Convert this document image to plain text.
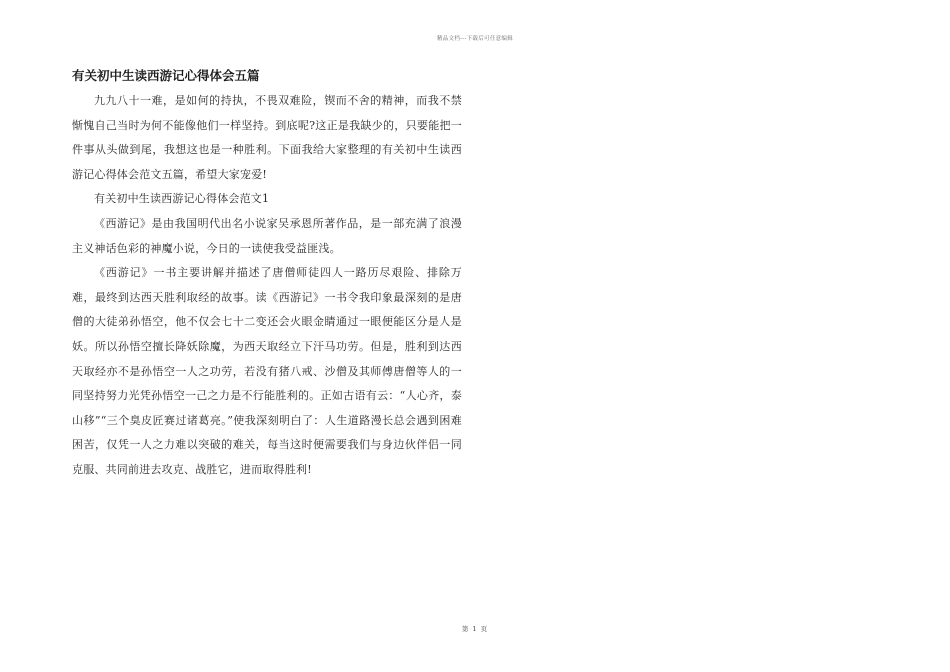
精品文档---下载后可任意编辑
有关初中生读西游记心得体会五篇

九九八十一难，是如何的持执，不畏双难险，锲而不舍的精神，而我不禁惭愧自己当时为何不能像他们一样坚持。到底呢?这正是我缺少的，只要能把一件事从头做到尾，我想这也是一种胜利。下面我给大家整理的有关初中生读西游记心得体会范文五篇，希望大家宠爱!

有关初中生读西游记心得体会范文1

《西游记》是由我国明代出名小说家吴承恩所著作品，是一部充满了浪漫主义神话色彩的神魔小说，今日的一读使我受益匪浅。

《西游记》一书主要讲解并描述了唐僧师徒四人一路历尽艰险、排除万难，最终到达西天胜利取经的故事。读《西游记》一书令我印象最深刻的是唐僧的大徒弟孙悟空，他不仅会七十二变还会火眼金睛通过一眼便能区分是人是妖。所以孙悟空擅长降妖除魔，为西天取经立下汗马功劳。但是，胜利到达西天取经亦不是孙悟空一人之功劳，若没有猪八戒、沙僧及其师傅唐僧等人的一同坚持努力光凭孙悟空一己之力是不行能胜利的。正如古语有云：“人心齐，泰山移”“三个臭皮匠赛过诸葛亮。”使我深刻明白了：人生道路漫长总会遇到困难困苦，仅凭一人之力难以突破的难关，每当这时便需要我们与身边伙伴侣一同克服、共同前进去攻克、战胜它，进而取得胜利!

第 1 页
